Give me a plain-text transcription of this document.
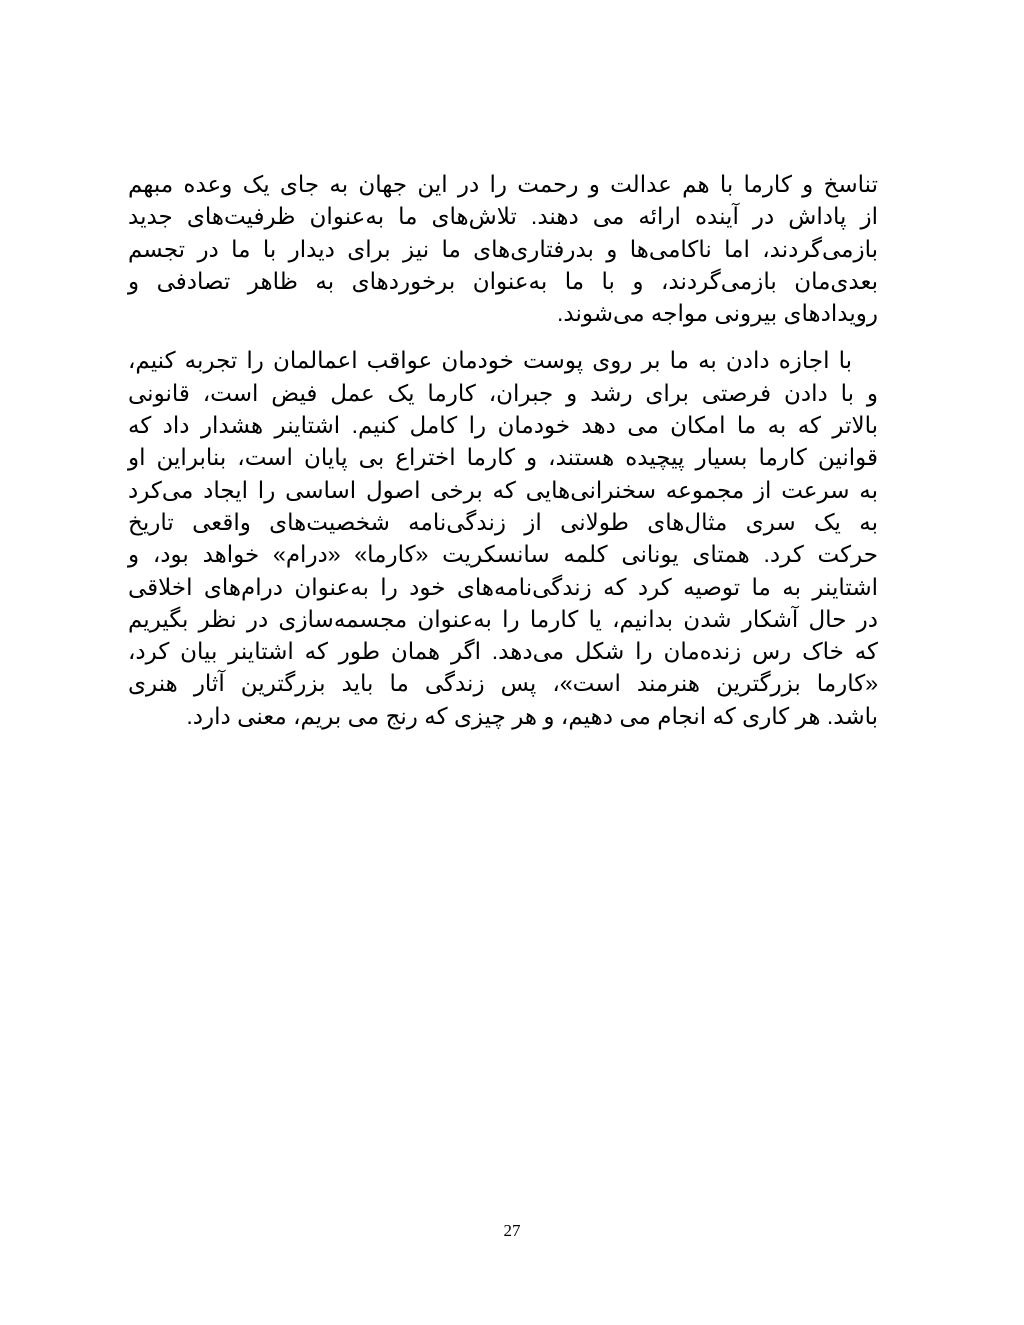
تناسخ و کارما با هم عدالت و رحمت را در این جهان به جای یک وعده مبهم
از پاداش در آینده ارائه می دهند. تلاش‌های ما به‌عنوان ظرفیت‌های جدید
بازمی‌گردند، اما ناکامی‌ها و بدرفتاری‌های ما نیز برای دیدار با ما در تجسم
بعدی‌مان بازمی‌گردند، و با ما به‌عنوان برخوردهای به ظاهر تصادفی و
رویدادهای بیرونی مواجه می‌شوند.

با اجازه دادن به ما بر روی پوست خودمان عواقب اعمالمان را تجربه کنیم،
و با دادن فرصتی برای رشد و جبران، کارما یک عمل فیض است، قانونی
بالاتر که به ما امکان می دهد خودمان را کامل کنیم. اشتاینر هشدار داد که
قوانین کارما بسیار پیچیده هستند، و کارما اختراع بی پایان است، بنابراین او
به سرعت از مجموعه سخنرانی‌هایی که برخی اصول اساسی را ایجاد می‌کرد
به یک سری مثال‌های طولانی از زندگی‌نامه شخصیت‌های واقعی تاریخ
حرکت کرد. همتای یونانی کلمه سانسکریت «کارما» «درام» خواهد بود، و
اشتاینر به ما توصیه کرد که زندگی‌نامه‌های خود را به‌عنوان درام‌های اخلاقی
در حال آشکار شدن بدانیم، یا کارما را به‌عنوان مجسمه‌سازی در نظر بگیریم
که خاک رس زنده‌مان را شکل می‌دهد. اگر همان طور که اشتاینر بیان کرد،
«کارما بزرگترین هنرمند است»، پس زندگی ما باید بزرگترین آثار هنری
باشد. هر کاری که انجام می دهیم، و هر چیزی که رنج می بریم، معنی دارد.

27
